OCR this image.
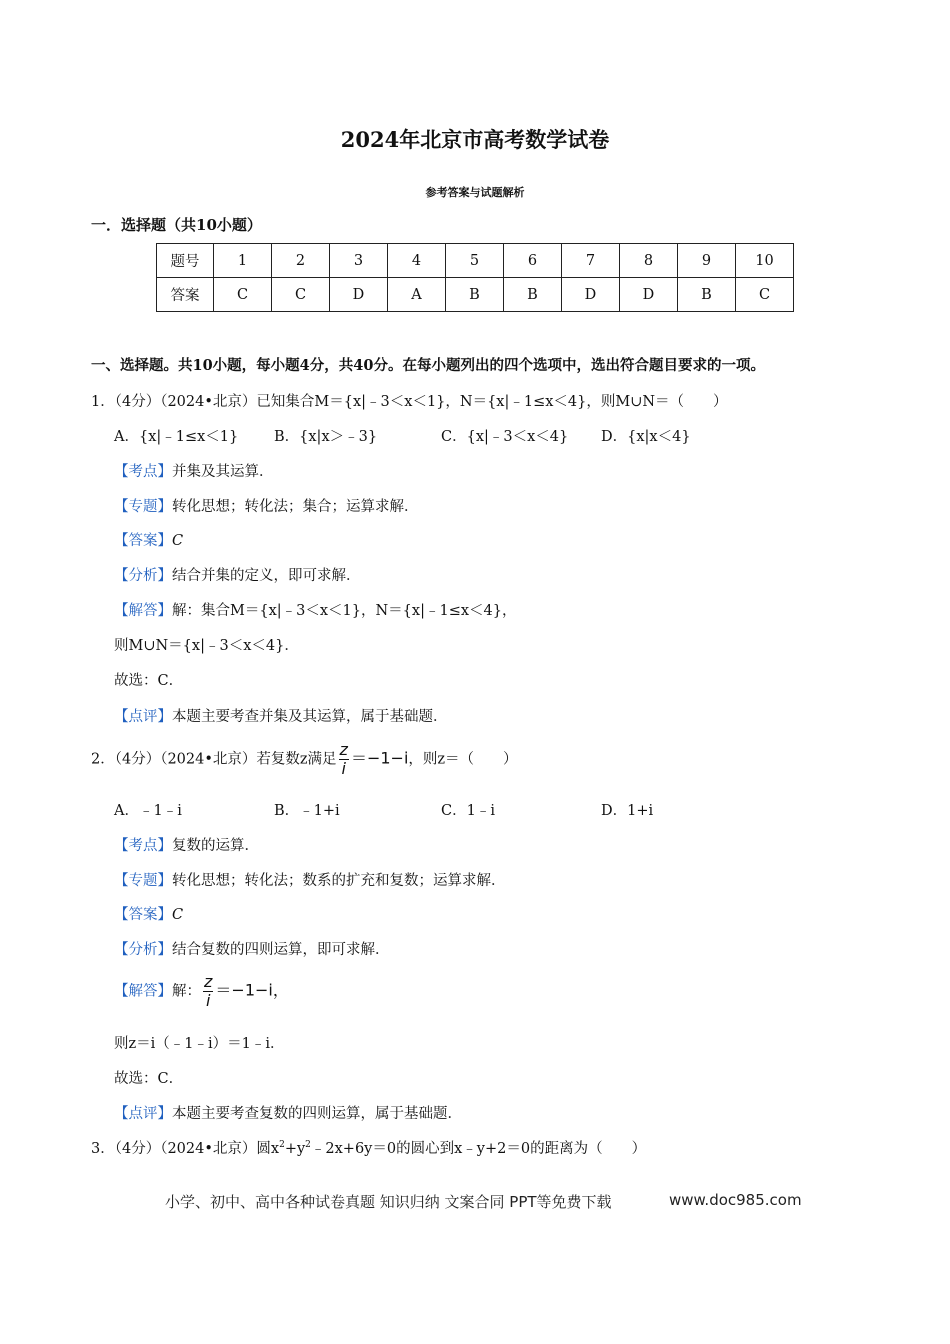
2024年北京市高考数学试卷
参考答案与试题解析
一．选择题（共10小题）
题号	1	2	3	4	5	6	7	8	9	10
答案	C	C	D	A	B	B	D	D	B	C
一、选择题。共10小题，每小题4分，共40分。在每小题列出的四个选项中，选出符合题目要求的一项。
1．（4分）（2024•北京）已知集合M＝{x|﹣3＜x＜1}，N＝{x|﹣1≤x＜4}，则M∪N＝（　　）
A．{x|﹣1≤x＜1} B．{x|x＞﹣3}	C．{x|﹣3＜x＜4} D．{x|x＜4}
【考点】并集及其运算．
【专题】转化思想；转化法；集合；运算求解．
【答案】C
【分析】结合并集的定义，即可求解．
【解答】解：集合M＝{x|﹣3＜x＜1}，N＝{x|﹣1≤x＜4}，
则M∪N＝{x|﹣3＜x＜4}．
故选：C．
【点评】本题主要考查并集及其运算，属于基础题．
2．（4分）（2024•北京）若复数z满足 $\frac{z}{i} =-1-i$，则z＝（　　）
A．﹣1﹣i	B．﹣1+i	C．1﹣i	D．1+i
【考点】复数的运算．
【专题】转化思想；转化法；数系的扩充和复数；运算求解．
【答案】C
【分析】结合复数的四则运算，即可求解．
【解答】解： $\frac{z}{i} =-1-i$，
则z＝i（﹣1﹣i）＝1﹣i．
故选：C．
【点评】本题主要考查复数的四则运算，属于基础题．
3．（4分）（2024•北京）圆$x^2+y^2﹣2x+6y=0$的圆心到x﹣y+2＝0的距离为（　　）
小学、初中、高中各种试卷真题 知识归纳 文案合同 PPT等免费下载	www.doc985.com
